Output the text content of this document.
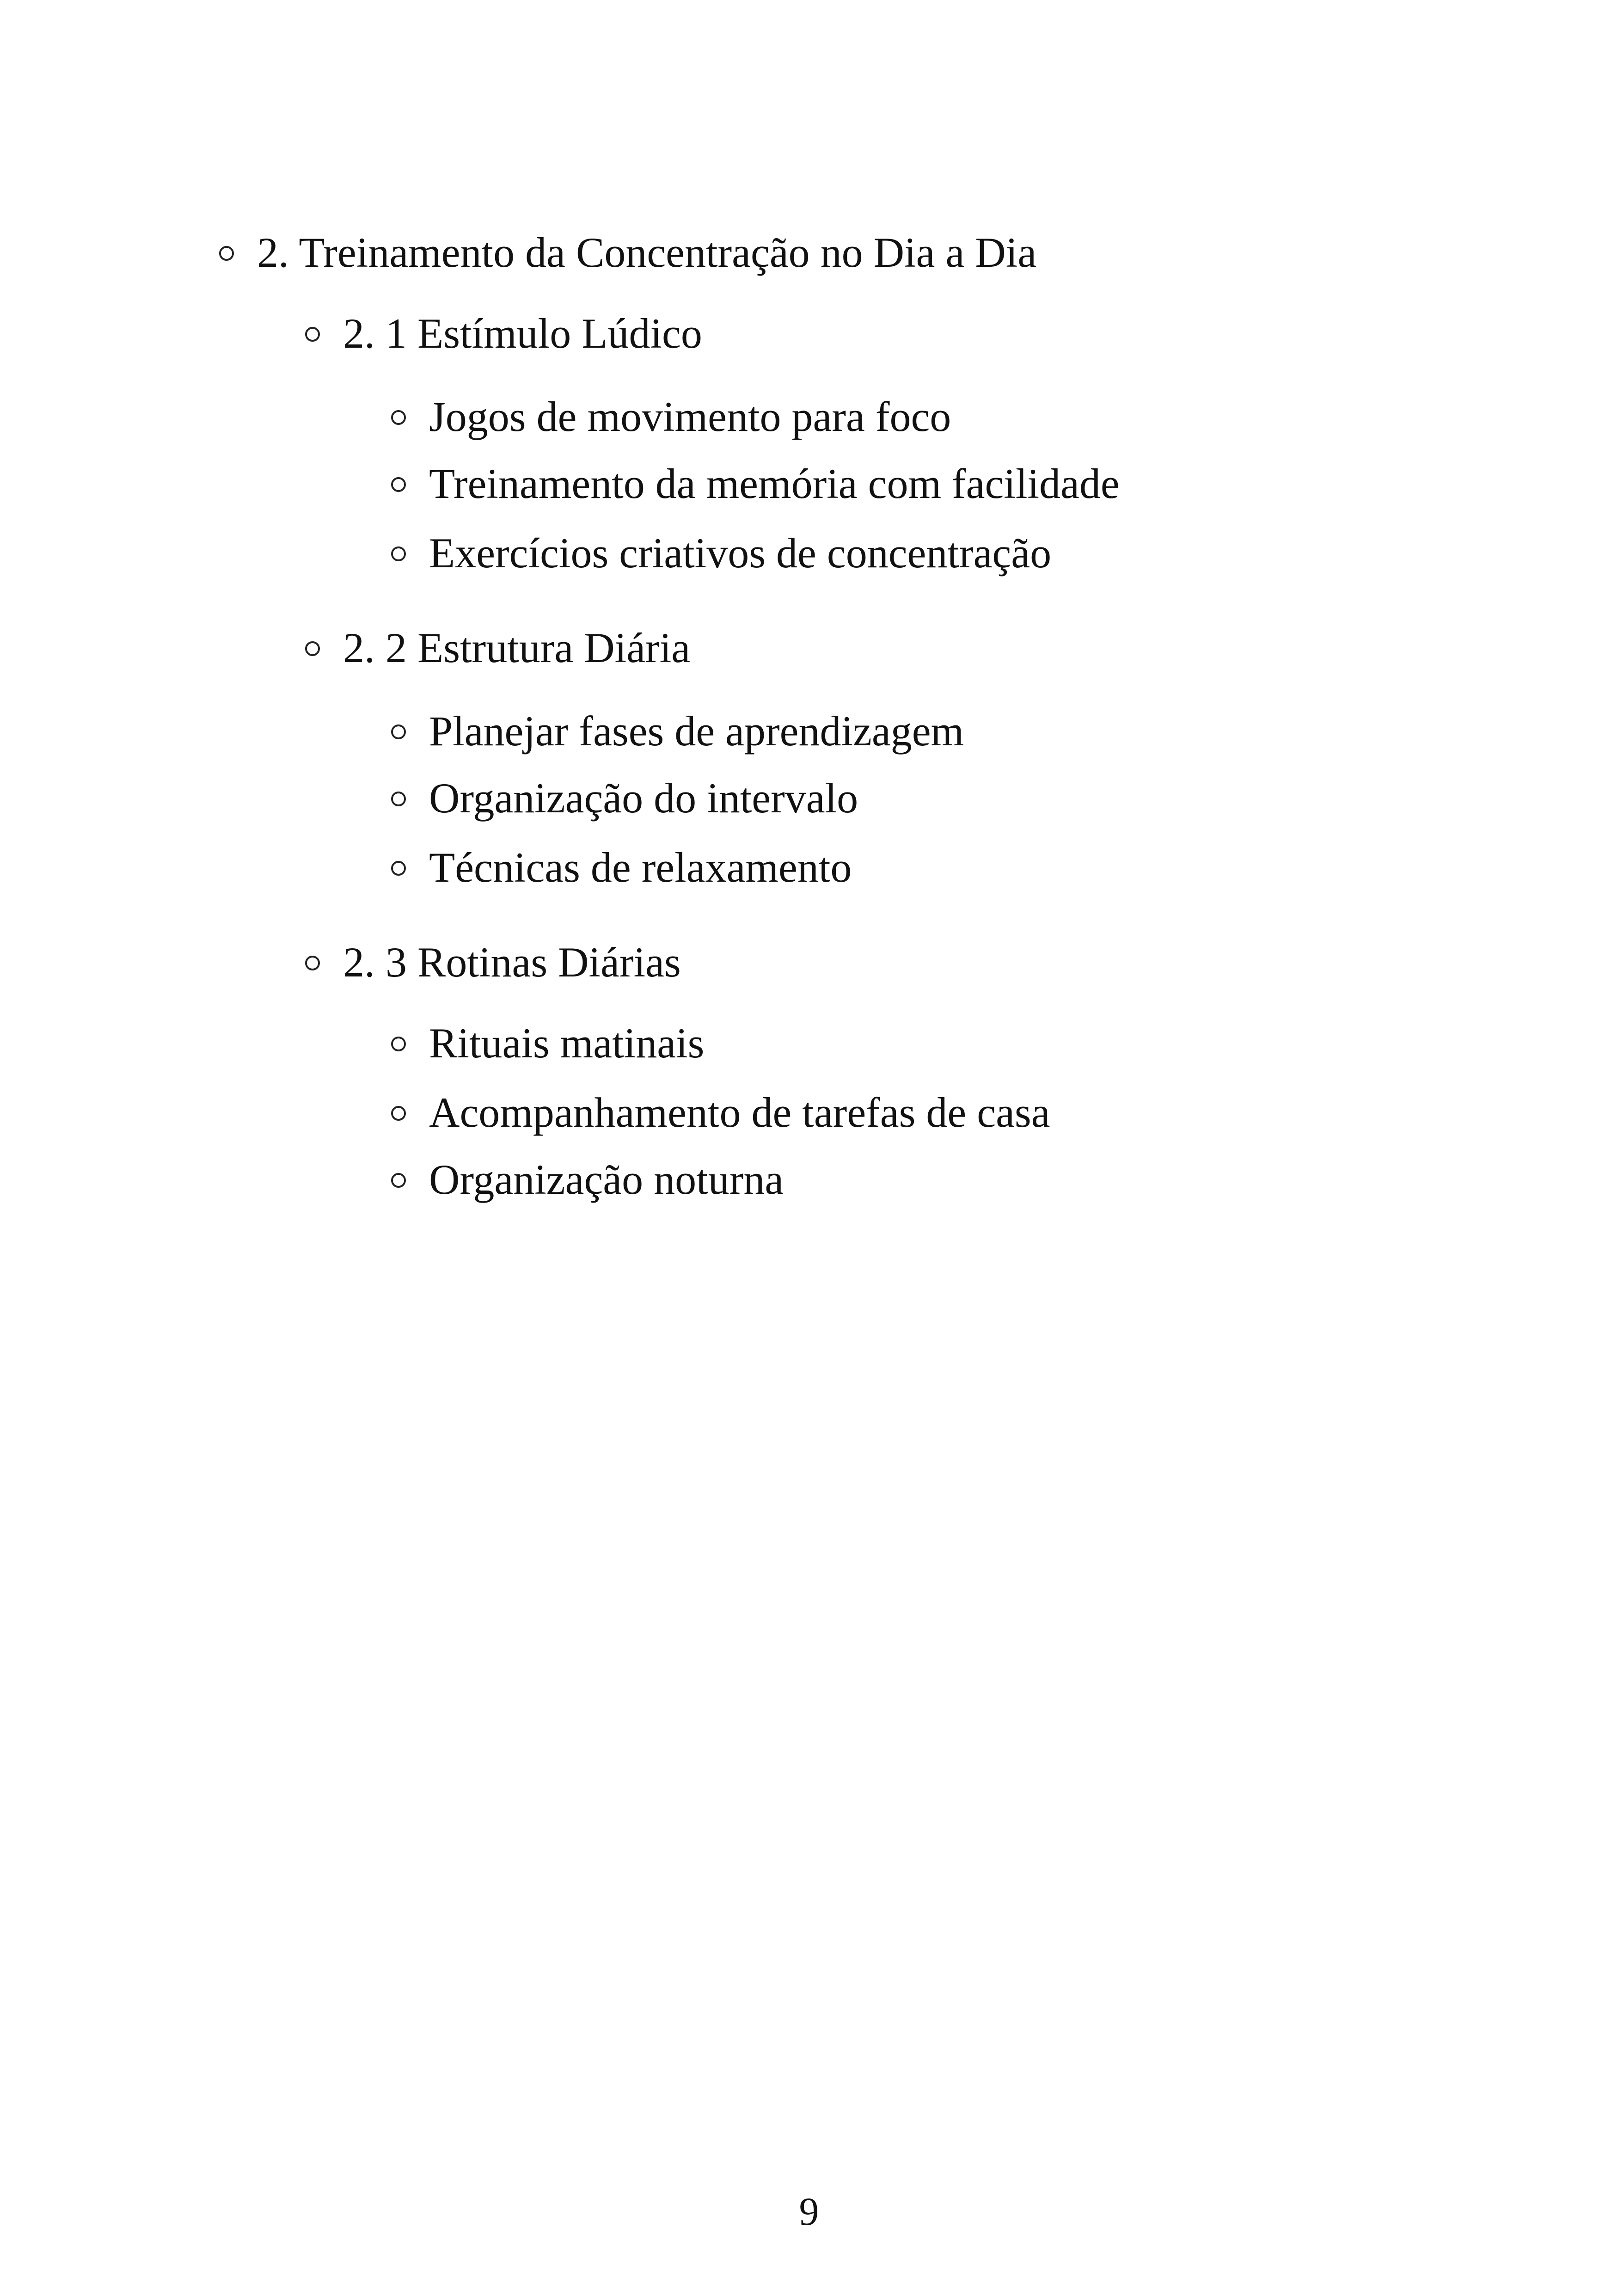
2. Treinamento da Concentração no Dia a Dia
2. 1 Estímulo Lúdico
Jogos de movimento para foco
Treinamento da memória com facilidade
Exercícios criativos de concentração
2. 2 Estrutura Diária
Planejar fases de aprendizagem
Organização do intervalo
Técnicas de relaxamento
2. 3 Rotinas Diárias
Rituais matinais
Acompanhamento de tarefas de casa
Organização noturna
9
